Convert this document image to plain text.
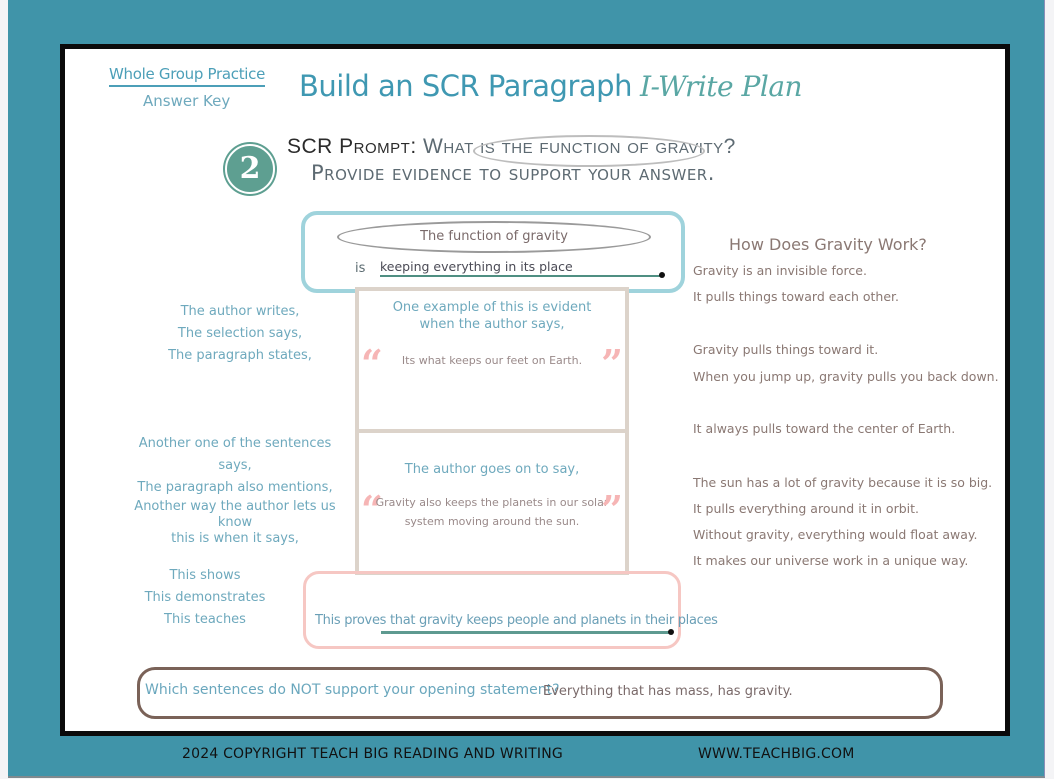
Whole Group Practice
Answer Key Build an SCR Paragraph I-Write Plan
2
SCR Prompt: What is the function of gravity?
Provide evidence to support your answer.
The function of gravity
is keeping everything in its place
The author writes,
The selection says,
The paragraph states,
Another one of the sentences says,
The paragraph also mentions,
Another way the author lets us know
this is when it says,
This shows
This demonstrates
This teaches
One example of this is evident
when the author says,
“	Its what keeps our feet on Earth. ”
The author goes on to say,
“
Gravity also keeps the planets in our solar
system moving around the sun. ”
This proves that gravity keeps people and planets in their places
How Does Gravity Work?
Gravity is an invisible force.
It pulls things toward each other.
Gravity pulls things toward it.
When you jump up, gravity pulls you back down.
It always pulls toward the center of Earth.
The sun has a lot of gravity because it is so big.
It pulls everything around it in orbit.
Without gravity, everything would float away.
It makes our universe work in a unique way.
Which sentences do NOT support your opening statement?
Everything that has mass, has gravity.
2024 COPYRIGHT TEACH BIG READING AND WRITING	WWW.TEACHBIG.COM
